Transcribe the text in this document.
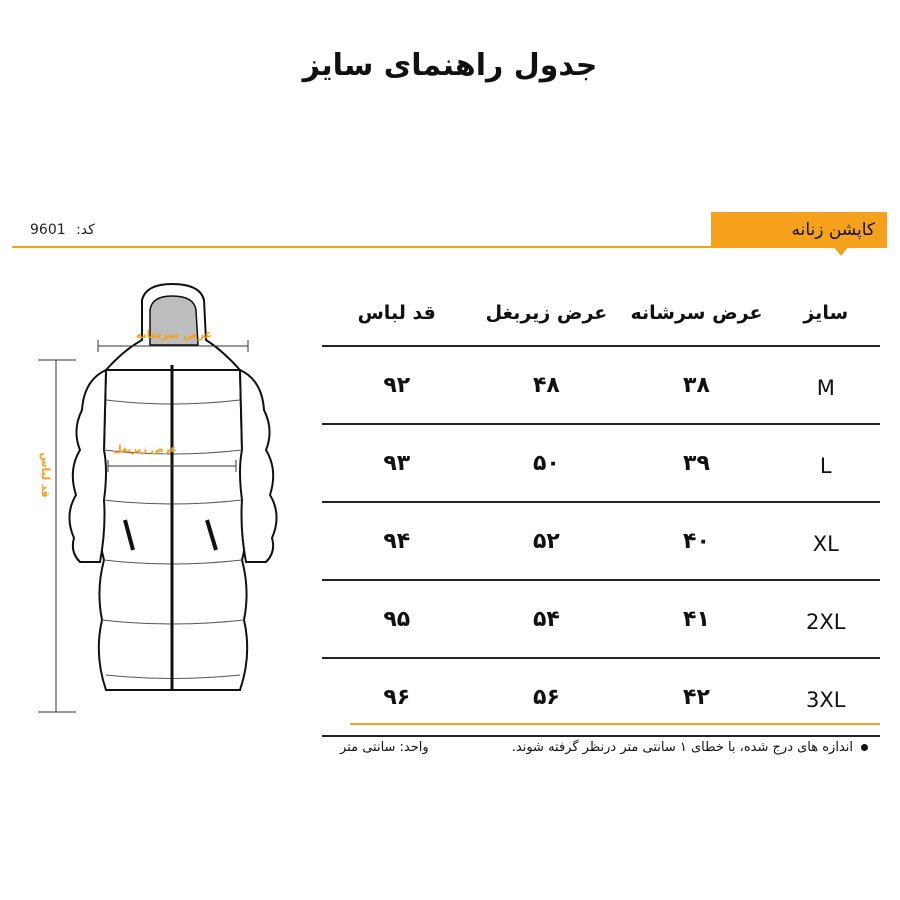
جدول راهنمای سایز
9601 کد:	کاپشن زنانه
عرض سرشانه
عرض زیربغل
قد لباس
قد لباس	عرض زیربغل	عرض سرشانه	سایز
۹۲	۴۸	۳۸	M
۹۳	۵۰	۳۹	L
۹۴	۵۲	۴۰	XL
۹۵	۵۴	۴۱	2XL
۹۶	۵۶	۴۲	3XL
اندازه های درج شده، با خطای ۱ سانتی متر درنظر گرفته شوند.
واحد: سانتی متر
